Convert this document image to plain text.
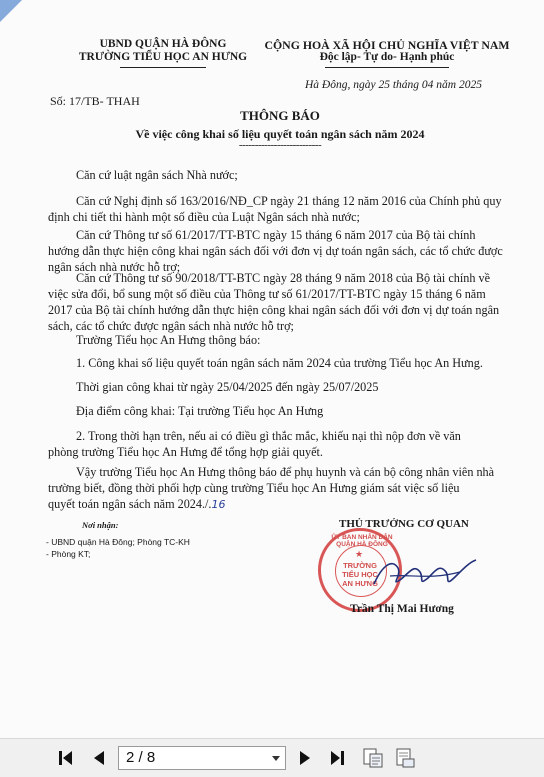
UBND QUẬN HÀ ĐÔNG
TRƯỜNG TIỂU HỌC AN HƯNG
CỘNG HOÀ XÃ HỘI CHỦ NGHĨA VIỆT NAM
Độc lập- Tự do- Hạnh phúc
Hà Đông, ngày 25 tháng 04 năm 2025
Số: 17/TB- THAH
THÔNG BÁO
Về việc công khai số liệu quyết toán ngân sách năm 2024
--------------------------
Căn cứ luật ngân sách Nhà nước;
Căn cứ Nghị định số 163/2016/NĐ_CP ngày 21 tháng 12 năm 2016 của Chính phủ quy
định chi tiết thi hành một số điều của Luật Ngân sách nhà nước;
Căn cứ Thông tư số 61/2017/TT-BTC ngày 15 tháng 6 năm 2017 của Bộ tài chính
hướng dẫn thực hiện công khai ngân sách đối với đơn vị dự toán ngân sách, các tổ chức được
ngân sách nhà nước hỗ trợ;
Căn cứ Thông tư số 90/2018/TT-BTC ngày 28 tháng 9 năm 2018 của Bộ tài chính về
việc sửa đổi, bổ sung một số điều của Thông tư số 61/2017/TT-BTC ngày 15 tháng 6 năm
2017 của Bộ tài chính hướng dẫn thực hiện công khai ngân sách đối với đơn vị dự toán ngân
sách, các tổ chức được ngân sách nhà nước hỗ trợ;
Trường Tiểu học An Hưng thông báo:
1. Công khai số liệu quyết toán ngân sách năm 2024 của trường Tiểu học An Hưng.
Thời gian công khai từ ngày 25/04/2025 đến ngày 25/07/2025
Địa điểm công khai: Tại trường Tiểu học An Hưng
2. Trong thời hạn trên, nếu ai có điều gì thắc mắc, khiếu nại thì nộp đơn về văn
phòng trường Tiểu học An Hưng để tổng hợp giải quyết.
Vậy trường Tiểu học An Hưng thông báo để phụ huynh và cán bộ công nhân viên nhà
trường biết, đồng thời phối hợp cùng trường Tiểu học An Hưng giám sát việc số liệu
quyết toán ngân sách năm 2024./.16
Nơi nhận:
- UBND quận Hà Đông; Phòng TC-KH
- Phòng KT;
THỦ TRƯỞNG CƠ QUAN
ỦY BAN NHÂN DÂN QUẬN HÀ ĐÔNG
★
TRƯỜNG
TIỂU HỌC
AN HƯNG
Trần Thị Mai Hương
2 / 8
